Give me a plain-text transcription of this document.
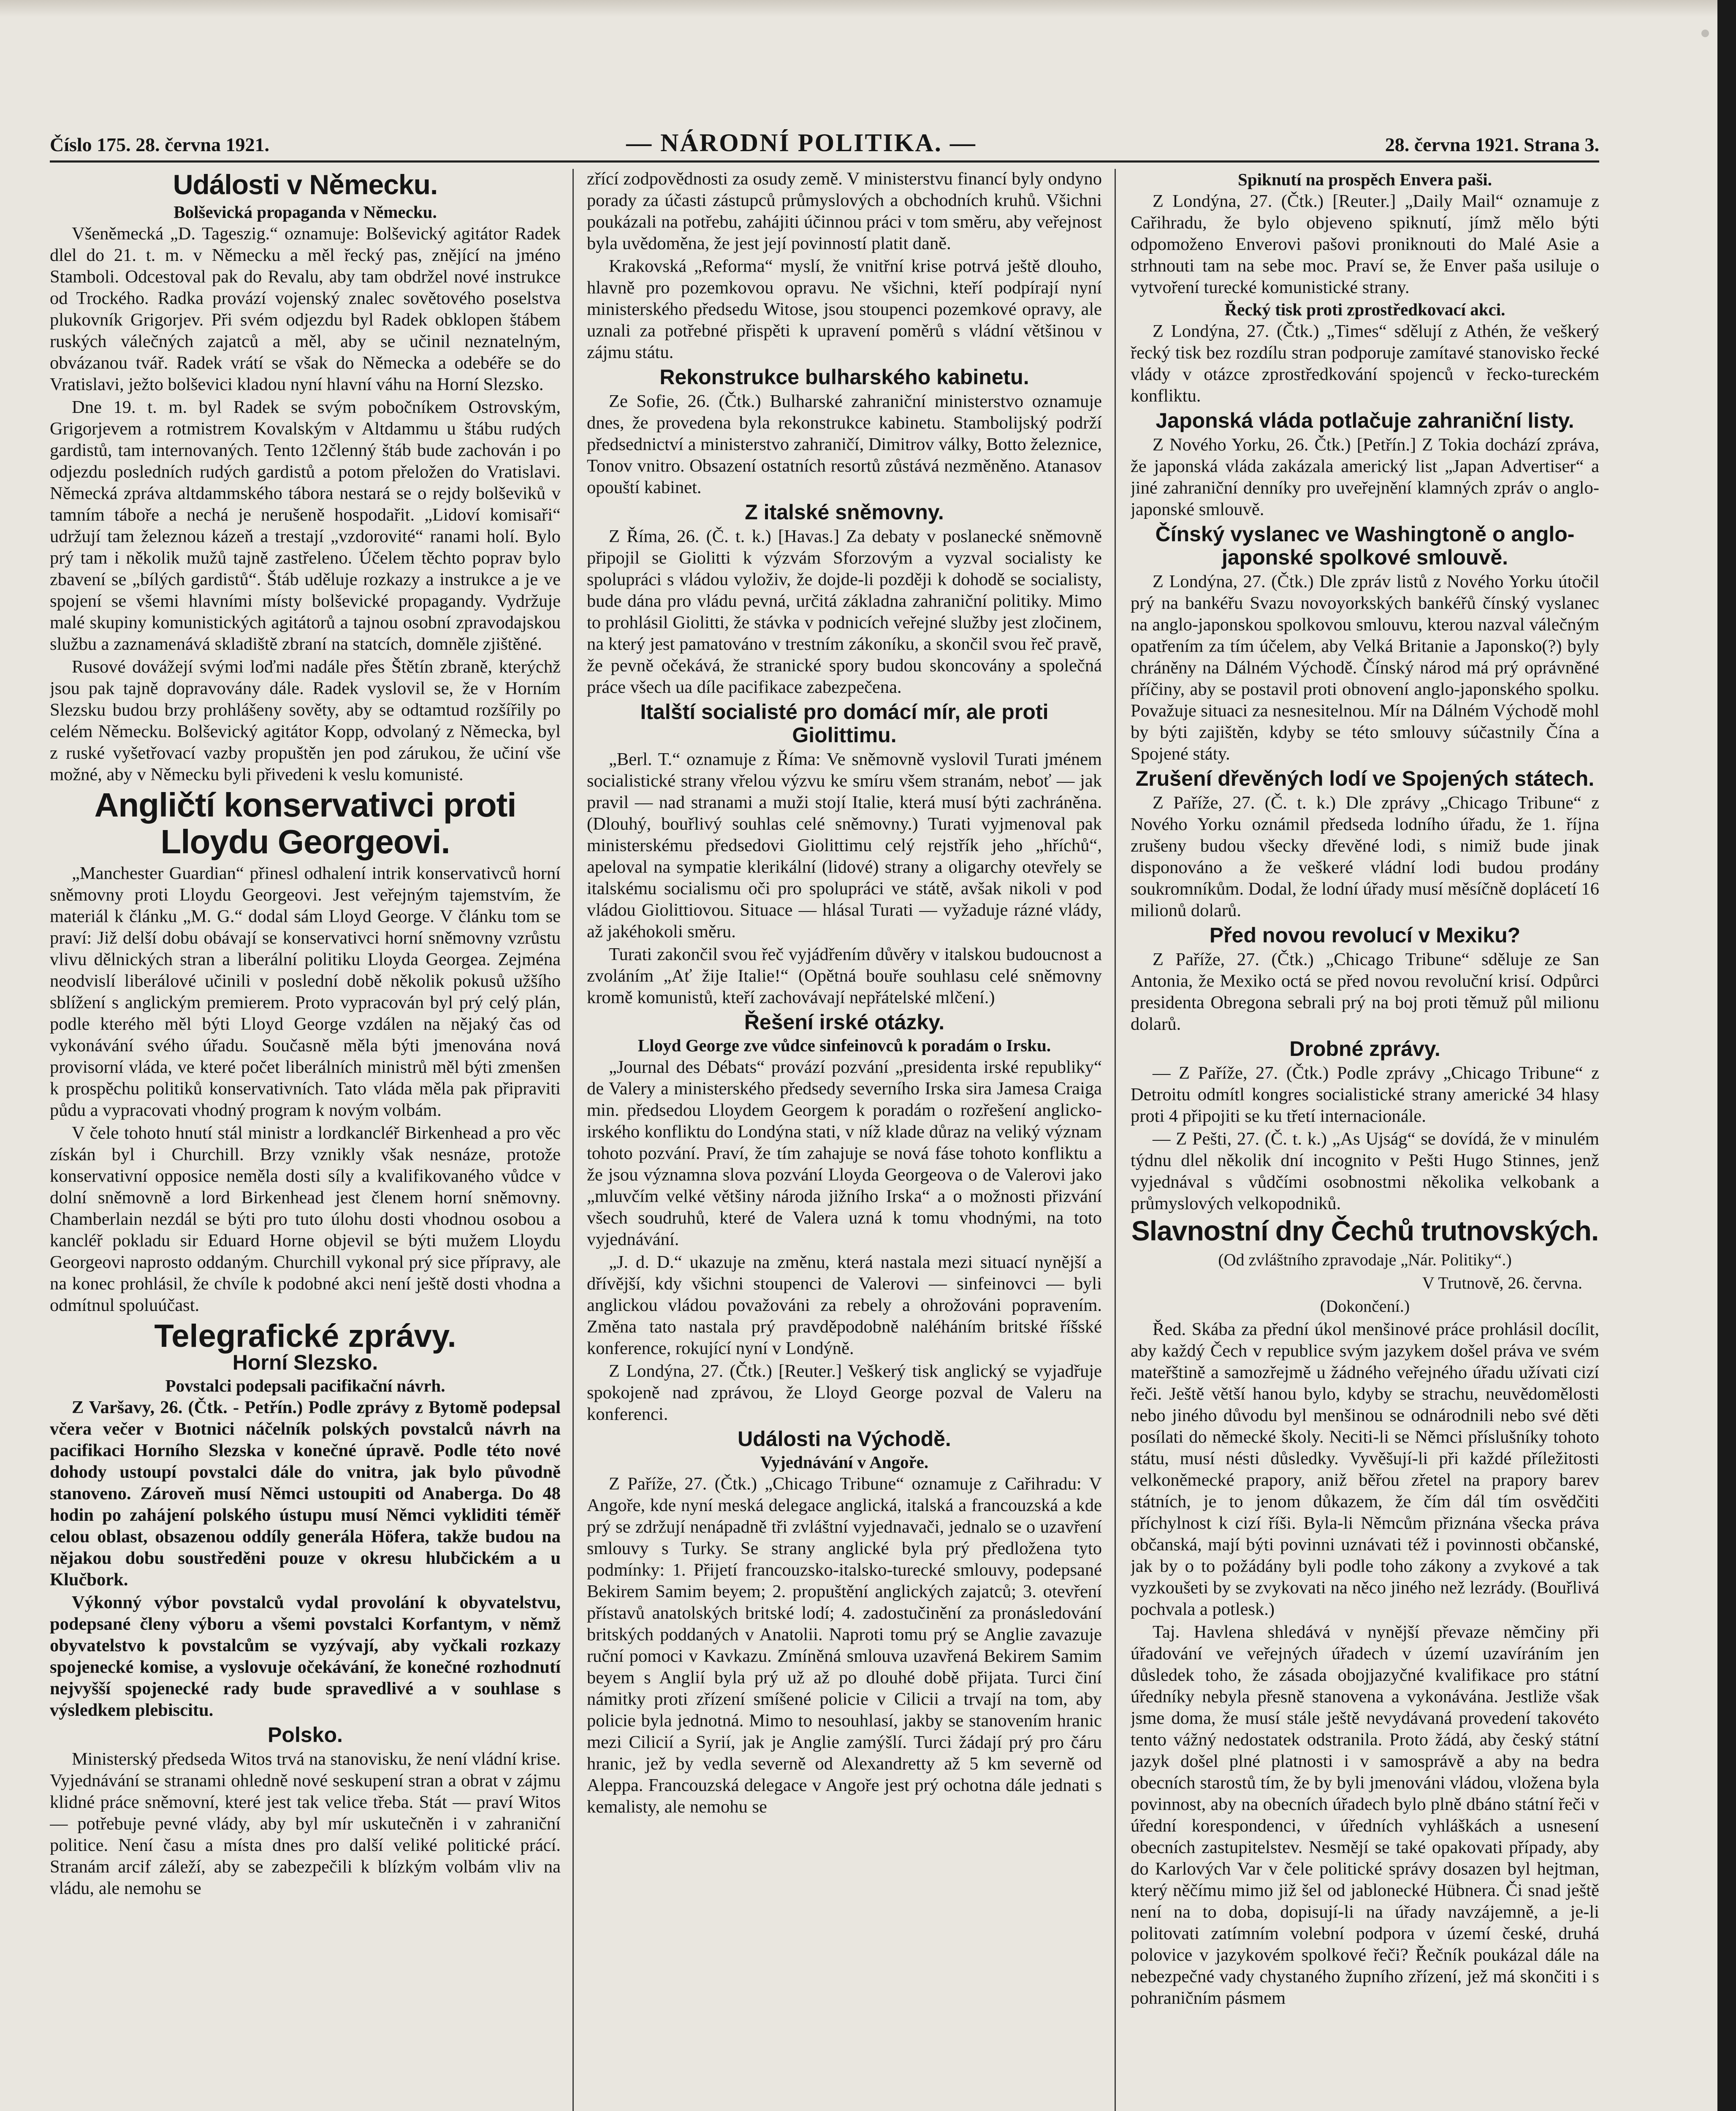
Číslo 175. 28. června 1921.	— NÁRODNÍ POLITIKA. —	28. června 1921. Strana 3.
Události v Německu.
Bolševická propaganda v Německu.

Všeněmecká „D. Tageszig.“ oznamuje: Bolševický agitátor Radek dlel do 21. t. m. v Německu a měl řecký pas, znějící na jméno Stamboli. Odcestoval pak do Revalu, aby tam obdržel nové instrukce od Trockého. Radka provází vojenský znalec sovětového poselstva plukovník Grigorjev. Při svém odjezdu byl Radek obklopen štábem ruských válečných zajatců a měl, aby se učinil neznatelným, obvázanou tvář. Radek vrátí se však do Německa a odebéře se do Vratislavi, ježto bolševici kladou nyní hlavní váhu na Horní Slezsko.

Dne 19. t. m. byl Radek se svým pobočníkem Ostrovským, Grigorjevem a rotmistrem Kovalským v Altdammu u štábu rudých gardistů, tam internovaných. Tento 12členný štáb bude zachován i po odjezdu posledních rudých gardistů a potom přeložen do Vratislavi. Německá zpráva altdammského tábora nestará se o rejdy bolševiků v tamním táboře a nechá je nerušeně hospodařit. „Lidoví komisaři“ udržují tam železnou kázeň a trestají „vzdorovité“ ranami holí. Bylo prý tam i několik mužů tajně zastřeleno. Účelem těchto poprav bylo zbavení se „bílých gardistů“. Štáb uděluje rozkazy a instrukce a je ve spojení se všemi hlavními místy bolševické propagandy. Vydržuje malé skupiny komunistických agitátorů a tajnou osobní zpravodajskou službu a zaznamenává skladiště zbraní na statcích, domněle zjištěné.

Rusové dovážejí svými loďmi nadále přes Štětín zbraně, kterýchž jsou pak tajně dopravovány dále. Radek vyslovil se, že v Horním Slezsku budou brzy prohlášeny sověty, aby se odtamtud rozšířily po celém Německu. Bolševický agitátor Kopp, odvolaný z Německa, byl z ruské vyšetřovací vazby propuštěn jen pod zárukou, že učiní vše možné, aby v Německu byli přivedeni k veslu komunisté.

Angličtí konservativci proti Lloydu Georgeovi.

„Manchester Guardian“ přinesl odhalení intrik konservativců horní sněmovny proti Lloydu Georgeovi. Jest veřejným tajemstvím, že materiál k článku „M. G.“ dodal sám Lloyd George. V článku tom se praví: Již delší dobu obávají se konservativci horní sněmovny vzrůstu vlivu dělnických stran a liberální politiku Lloyda Georgea. Zejména neodvislí liberálové učinili v poslední době několik pokusů užšího sblížení s anglickým premierem. Proto vypracován byl prý celý plán, podle kterého měl býti Lloyd George vzdálen na nějaký čas od vykonávání svého úřadu. Současně měla býti jmenována nová provisorní vláda, ve které počet liberálních ministrů měl býti zmenšen k prospěchu politiků konservativních. Tato vláda měla pak připraviti půdu a vypracovati vhodný program k novým volbám.

V čele tohoto hnutí stál ministr a lordkancléř Birkenhead a pro věc získán byl i Churchill. Brzy vznikly však nesnáze, protože konservativní opposice neměla dosti síly a kvalifikovaného vůdce v dolní sněmovně a lord Birkenhead jest členem horní sněmovny. Chamberlain nezdál se býti pro tuto úlohu dosti vhodnou osobou a kancléř pokladu sir Eduard Horne objevil se býti mužem Lloydu Georgeovi naprosto oddaným. Churchill vykonal prý sice přípravy, ale na konec prohlásil, že chvíle k podobné akci není ještě dosti vhodna a odmítnul spoluúčast.

Telegrafické zprávy.
Horní Slezsko.
Povstalci podepsali pacifikační návrh.

Z Varšavy, 26. (Čtk. - Petřín.) Podle zprávy z Bytomě podepsal včera večer v Bıotnici náčelník polských povstalců návrh na pacifikaci Horního Slezska v konečné úpravě. Podle této nové dohody ustoupí povstalci dále do vnitra, jak bylo původně stanoveno. Zároveň musí Němci ustoupiti od Anaberga. Do 48 hodin po zahájení polského ústupu musí Němci vykliditi téměř celou oblast, obsazenou oddíly generála Höfera, takže budou na nějakou dobu soustředěni pouze v okresu hlubčickém a u Klučbork.

Výkonný výbor povstalců vydal provolání k obyvatelstvu, podepsané členy výboru a všemi povstalci Korfantym, v němž obyvatelstvo k povstalcům se vyzývají, aby vyčkali rozkazy spojenecké komise, a vyslovuje očekávání, že konečné rozhodnutí nejvyšší spojenecké rady bude spravedlivé a v souhlase s výsledkem plebiscitu.

Polsko.

Ministerský předseda Witos trvá na stanovisku, že není vládní krise. Vyjednávání se stranami ohledně nové seskupení stran a obrat v zájmu klidné práce sněmovní, které jest tak velice třeba. Stát — praví Witos — potřebuje pevné vlády, aby byl mír uskutečněn i v zahraniční politice. Není času a místa dnes pro další veliké politické prácí. Stranám arcif záleží, aby se zabezpečili k blízkým volbám vliv na vládu, ale nemohu se

zřící zodpovědnosti za osudy země. V ministerstvu financí byly ondyno porady za účasti zástupců průmyslových a obchodních kruhů. Všichni poukázali na potřebu, zahájiti účinnou práci v tom směru, aby veřejnost byla uvědoměna, že jest její povinností platit daně.

Krakovská „Reforma“ myslí, že vnitřní krise potrvá ještě dlouho, hlavně pro pozemkovou opravu. Ne všichni, kteří podpírají nyní ministerského předsedu Witose, jsou stoupenci pozemkové opravy, ale uznali za potřebné přispěti k upravení poměrů s vládní většinou v zájmu státu.

Rekonstrukce bulharského kabinetu.

Ze Sofie, 26. (Čtk.) Bulharské zahraniční ministerstvo oznamuje dnes, že provedena byla rekonstrukce kabinetu. Stambolijský podrží předsednictví a ministerstvo zahraničí, Dimitrov války, Botto železnice, Tonov vnitro. Obsazení ostatních resortů zůstává nezměněno. Atanasov opouští kabinet.

Z italské sněmovny.

Z Říma, 26. (Č. t. k.) [Havas.] Za debaty v poslanecké sněmovně připojil se Giolitti k výzvám Sforzovým a vyzval socialisty ke spolupráci s vládou vyloživ, že dojde-li později k dohodě se socialisty, bude dána pro vládu pevná, určitá základna zahraniční politiky. Mimo to prohlásil Giolitti, že stávka v podnicích veřejné služby jest zločinem, na který jest pamatováno v trestním zákoníku, a skončil svou řeč pravě, že pevně očekává, že stranické spory budou skoncovány a společná práce všech ua díle pacifikace zabezpečena.

Italští socialisté pro domácí mír, ale proti Giolittimu.

„Berl. T.“ oznamuje z Říma: Ve sněmovně vyslovil Turati jménem socialistické strany vřelou výzvu ke smíru všem stranám, neboť — jak pravil — nad stranami a muži stojí Italie, která musí býti zachráněna. (Dlouhý, bouřlivý souhlas celé sněmovny.) Turati vyjmenoval pak ministerskému předsedovi Giolittimu celý rejstřík jeho „hříchů“, apeloval na sympatie klerikální (lidové) strany a oligarchy otevřely se italskému socialismu oči pro spolupráci ve státě, avšak nikoli v pod vládou Giolittiovou. Situace — hlásal Turati — vyžaduje rázné vlády, až jakéhokoli směru.

Turati zakončil svou řeč vyjádřením důvěry v italskou budoucnost a zvoláním „Ať žije Italie!“ (Opětná bouře souhlasu celé sněmovny kromě komunistů, kteří zachovávají nepřátelské mlčení.)

Řešení irské otázky.
Lloyd George zve vůdce sinfeinovců k poradám o Irsku.

„Journal des Débats“ provází pozvání „presidenta irské republiky“ de Valery a ministerského předsedy severního Irska sira Jamesa Craiga min. předsedou Lloydem Georgem k poradám o rozřešení anglicko-irského konfliktu do Londýna stati, v níž klade důraz na veliký význam tohoto pozvání. Praví, že tím zahajuje se nová fáse tohoto konfliktu a že jsou významna slova pozvání Lloyda Georgeova o de Valerovi jako „mluvčím velké většiny národa jižního Irska“ a o možnosti přizvání všech soudruhů, které de Valera uzná k tomu vhodnými, na toto vyjednávání.

„J. d. D.“ ukazuje na změnu, která nastala mezi situací nynější a dřívější, kdy všichni stoupenci de Valerovi — sinfeinovci — byli anglickou vládou považováni za rebely a ohrožováni popravením. Změna tato nastala prý pravděpodobně naléháním britské říšské konference, rokující nyní v Londýně.

Z Londýna, 27. (Čtk.) [Reuter.] Veškerý tisk anglický se vyjadřuje spokojeně nad zprávou, že Lloyd George pozval de Valeru na konferenci.

Události na Východě.
Vyjednávání v Angoře.

Z Paříže, 27. (Čtk.) „Chicago Tribune“ oznamuje z Cařihradu: V Angoře, kde nyní meská delegace anglická, italská a francouzská a kde prý se zdržují nenápadně tři zvláštní vyjednavači, jednalo se o uzavření smlouvy s Turky. Se strany anglické byla prý předložena tyto podmínky: 1. Přijetí francouzsko-italsko-turecké smlouvy, podepsané Bekirem Samim beyem; 2. propuštění anglických zajatců; 3. otevření přístavů anatolských britské lodí; 4. zadostučinění za pronásledování britských poddaných v Anatolii. Naproti tomu prý se Anglie zavazuje ruční pomoci v Kavkazu. Zmíněná smlouva uzavřená Bekirem Samim beyem s Anglií byla prý už až po dlouhé době přijata. Turci činí námitky proti zřízení smíšené policie v Cilicii a trvají na tom, aby policie byla jednotná. Mimo to nesouhlasí, jakby se stanovením hranic mezi Cilicií a Syrií, jak je Anglie zamýšlí. Turci žádají prý pro čáru hranic, jež by vedla severně od Alexandretty až 5 km severně od Aleppa. Francouzská delegace v Angoře jest prý ochotna dále jednati s kemalisty, ale nemohu se

Spiknutí na prospěch Envera paši.

Z Londýna, 27. (Čtk.) [Reuter.] „Daily Mail“ oznamuje z Cařihradu, že bylo objeveno spiknutí, jímž mělo býti odpomoženo Enverovi pašovi proniknouti do Malé Asie a strhnouti tam na sebe moc. Praví se, že Enver paša usiluje o vytvoření turecké komunistické strany.

Řecký tisk proti zprostředkovací akci.

Z Londýna, 27. (Čtk.) „Times“ sdělují z Athén, že veškerý řecký tisk bez rozdílu stran podporuje zamítavé stanovisko řecké vlády v otázce zprostředkování spojenců v řecko-tureckém konfliktu.

Japonská vláda potlačuje zahraniční listy.

Z Nového Yorku, 26. Čtk.) [Petřín.] Z Tokia dochází zpráva, že japonská vláda zakázala americký list „Japan Advertiser“ a jiné zahraniční denníky pro uveřejnění klamných zpráv o anglo-japonské smlouvě.

Čínský vyslanec ve Washingtoně o anglo-japonské spolkové smlouvě.

Z Londýna, 27. (Čtk.) Dle zpráv listů z Nového Yorku útočil prý na bankéřu Svazu novoyorkských bankéřů čínský vyslanec na anglo-japonskou spolkovou smlouvu, kterou nazval válečným opatřením za tím účelem, aby Velká Britanie a Japonsko(?) byly chráněny na Dálném Východě. Čínský národ má prý oprávněné příčiny, aby se postavil proti obnovení anglo-japonského spolku. Považuje situaci za nesnesitelnou. Mír na Dálném Východě mohl by býti zajištěn, kdyby se této smlouvy súčastnily Čína a Spojené státy.

Zrušení dřevěných lodí ve Spojených státech.

Z Paříže, 27. (Č. t. k.) Dle zprávy „Chicago Tribune“ z Nového Yorku oznámil předseda lodního úřadu, že 1. října zrušeny budou všecky dřevěné lodi, s nimiž bude jinak disponováno a že veškeré vládní lodi budou prodány soukromníkům. Dodal, že lodní úřady musí měsíčně doplácetí 16 milionů dolarů.

Před novou revolucí v Mexiku?

Z Paříže, 27. (Čtk.) „Chicago Tribune“ sděluje ze San Antonia, že Mexiko octá se před novou revoluční krisí. Odpůrci presidenta Obregona sebrali prý na boj proti těmuž půl milionu dolarů.

Drobné zprávy.

— Z Paříže, 27. (Čtk.) Podle zprávy „Chicago Tribune“ z Detroitu odmítl kongres socialistické strany americké 34 hlasy proti 4 připojiti se ku třetí internacionále.

— Z Pešti, 27. (Č. t. k.) „As Ujság“ se dovídá, že v minulém týdnu dlel několik dní incognito v Pešti Hugo Stinnes, jenž vyjednával s vůdčími osobnostmi několika velkobank a průmyslových velkopodniků.

Slavnostní dny Čechů trutnovských.
(Od zvláštního zpravodaje „Nár. Politiky“.)
V Trutnově, 26. června.
(Dokončení.)

Řed. Skába za přední úkol menšinové práce prohlásil docílit, aby každý Čech v republice svým jazykem došel práva ve svém mateřštině a samozřejmě u žádného veřejného úřadu užívati cizí řeči. Ještě větší hanou bylo, kdyby se strachu, neuvědomělosti nebo jiného důvodu byl menšinou se odnárodnili nebo své děti posílati do německé školy. Neciti-li se Němci příslušníky tohoto státu, musí nésti důsledky. Vyvěšují-li při každé příležitosti velkoněmecké prapory, aniž běřou zřetel na prapory barev státních, je to jenom důkazem, že čím dál tím osvědčiti příchylnost k cizí říši. Byla-li Němcům přiznána všecka práva občanská, mají býti povinni uznávati též i povinnosti občanské, jak by o to požádány byli podle toho zákony a zvykové a tak vyzkoušeti by se zvykovati na něco jiného než lezrády. (Bouřlivá pochvala a potlesk.)

Taj. Havlena shledává v nynější převaze němčiny při úřadování ve veřejných úřadech v území uzavíráním jen důsledek toho, že zásada obojjazyčné kvalifikace pro státní úředníky nebyla přesně stanovena a vykonávána. Jestliže však jsme doma, že musí stále ještě nevydávaná provedení takovéto tento vážný nedostatek odstranila. Proto žádá, aby český státní jazyk došel plné platnosti i v samosprávě a aby na bedra obecních starostů tím, že by byli jmenováni vládou, vložena byla povinnost, aby na obecních úřadech bylo plně dbáno státní řeči v úřední korespondenci, v úředních vyhláškách a usnesení obecních zastupitelstev. Nesmějí se také opakovati případy, aby do Karlových Var v čele politické správy dosazen byl hejtman, který něčímu mimo již šel od jablonecké Hübnera. Či snad ještě není na to doba, dopisují-li na úřady navzájemně, a je-li politovati zatímním volební podpora v území české, druhá polovice v jazykovém spolkové řeči? Řečník poukázal dále na nebezpečné vady chystaného župního zřízení, jež má skončiti i s pohraničním pásmem
